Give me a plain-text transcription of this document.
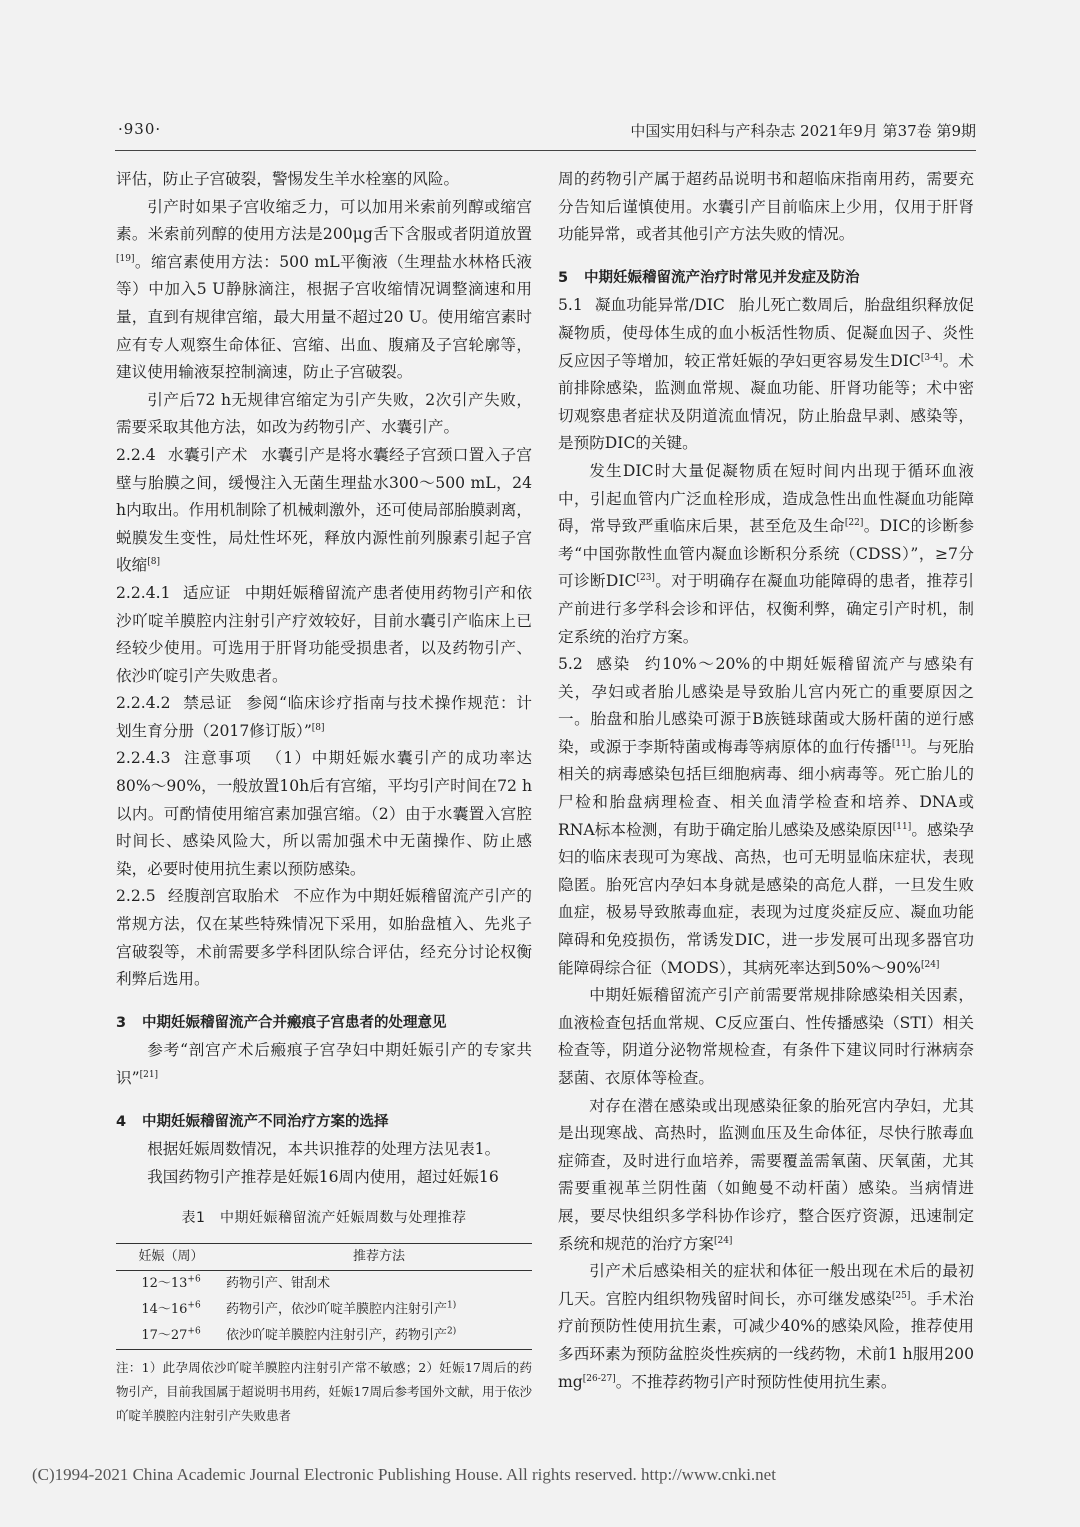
·930·	中国实用妇科与产科杂志 2021年9月 第37卷 第9期

评估，防止子宫破裂，警惕发生羊水栓塞的风险。

引产时如果子宫收缩乏力，可以加用米索前列醇或缩宫素。米索前列醇的使用方法是200μg舌下含服或者阴道放置[19]。缩宫素使用方法：500 mL平衡液（生理盐水林格氏液等）中加入5 U静脉滴注，根据子宫收缩情况调整滴速和用量，直到有规律宫缩，最大用量不超过20 U。使用缩宫素时应有专人观察生命体征、宫缩、出血、腹痛及子宫轮廓等，建议使用输液泵控制滴速，防止子宫破裂。

引产后72 h无规律宫缩定为引产失败，2次引产失败，需要采取其他方法，如改为药物引产、水囊引产。

2.2.4 水囊引产术 水囊引产是将水囊经子宫颈口置入子宫壁与胎膜之间，缓慢注入无菌生理盐水300～500 mL，24 h内取出。作用机制除了机械刺激外，还可使局部胎膜剥离，蜕膜发生变性，局灶性坏死，释放内源性前列腺素引起子宫收缩[8]

2.2.4.1 适应证 中期妊娠稽留流产患者使用药物引产和依沙吖啶羊膜腔内注射引产疗效较好，目前水囊引产临床上已经较少使用。可选用于肝肾功能受损患者，以及药物引产、依沙吖啶引产失败患者。

2.2.4.2 禁忌证 参阅“临床诊疗指南与技术操作规范：计划生育分册（2017修订版）”[8]

2.2.4.3 注意事项 （1）中期妊娠水囊引产的成功率达80%～90%，一般放置10h后有宫缩，平均引产时间在72 h以内。可酌情使用缩宫素加强宫缩。（2）由于水囊置入宫腔时间长、感染风险大，所以需加强术中无菌操作、防止感染，必要时使用抗生素以预防感染。

2.2.5 经腹剖宫取胎术 不应作为中期妊娠稽留流产引产的常规方法，仅在某些特殊情况下采用，如胎盘植入、先兆子宫破裂等，术前需要多学科团队综合评估，经充分讨论权衡利弊后选用。

3 中期妊娠稽留流产合并瘢痕子宫患者的处理意见

参考“剖宫产术后瘢痕子宫孕妇中期妊娠引产的专家共识”[21]

4 中期妊娠稽留流产不同治疗方案的选择

根据妊娠周数情况，本共识推荐的处理方法见表1。

我国药物引产推荐是妊娠16周内使用，超过妊娠16

表1　中期妊娠稽留流产妊娠周数与处理推荐
妊娠（周）	推荐方法
$12\sim 13^{+6}$	药物引产、钳刮术
$14\sim 16^{+6}$	药物引产，依沙吖啶羊膜腔内注射引产$^{1)}$
$17\sim 27^{+6}$	依沙吖啶羊膜腔内注射引产，药物引产$^{2)}$
注：1）此孕周依沙吖啶羊膜腔内注射引产常不敏感；2）妊娠17周后的药物引产，目前我国属于超说明书用药，妊娠17周后参考国外文献，用于依沙吖啶羊膜腔内注射引产失败患者

周的药物引产属于超药品说明书和超临床指南用药，需要充分告知后谨慎使用。水囊引产目前临床上少用，仅用于肝肾功能异常，或者其他引产方法失败的情况。

5 中期妊娠稽留流产治疗时常见并发症及防治

5.1 凝血功能异常/DIC 胎儿死亡数周后，胎盘组织释放促凝物质，使母体生成的血小板活性物质、促凝血因子、炎性反应因子等增加，较正常妊娠的孕妇更容易发生DIC[3-4]。术前排除感染，监测血常规、凝血功能、肝肾功能等；术中密切观察患者症状及阴道流血情况，防止胎盘早剥、感染等，是预防DIC的关键。

发生DIC时大量促凝物质在短时间内出现于循环血液中，引起血管内广泛血栓形成，造成急性出血性凝血功能障碍，常导致严重临床后果，甚至危及生命[22]。DIC的诊断参考“中国弥散性血管内凝血诊断积分系统（CDSS）”，≥7分可诊断DIC[23]。对于明确存在凝血功能障碍的患者，推荐引产前进行多学科会诊和评估，权衡利弊，确定引产时机，制定系统的治疗方案。

5.2 感染 约10%～20%的中期妊娠稽留流产与感染有关，孕妇或者胎儿感染是导致胎儿宫内死亡的重要原因之一。胎盘和胎儿感染可源于B族链球菌或大肠杆菌的逆行感染，或源于李斯特菌或梅毒等病原体的血行传播[11]。与死胎相关的病毒感染包括巨细胞病毒、细小病毒等。死亡胎儿的尸检和胎盘病理检查、相关血清学检查和培养、DNA或RNA标本检测，有助于确定胎儿感染及感染原因[11]。感染孕妇的临床表现可为寒战、高热，也可无明显临床症状，表现隐匿。胎死宫内孕妇本身就是感染的高危人群，一旦发生败血症，极易导致脓毒血症，表现为过度炎症反应、凝血功能障碍和免疫损伤，常诱发DIC，进一步发展可出现多器官功能障碍综合征（MODS），其病死率达到50%～90%[24]

中期妊娠稽留流产引产前需要常规排除感染相关因素，血液检查包括血常规、C反应蛋白、性传播感染（STI）相关检查等，阴道分泌物常规检查，有条件下建议同时行淋病奈瑟菌、衣原体等检查。

对存在潜在感染或出现感染征象的胎死宫内孕妇，尤其是出现寒战、高热时，监测血压及生命体征，尽快行脓毒血症筛查，及时进行血培养，需要覆盖需氧菌、厌氧菌，尤其需要重视革兰阴性菌（如鲍曼不动杆菌）感染。当病情进展，要尽快组织多学科协作诊疗，整合医疗资源，迅速制定系统和规范的治疗方案[24]

引产术后感染相关的症状和体征一般出现在术后的最初几天。宫腔内组织物残留时间长，亦可继发感染[25]。手术治疗前预防性使用抗生素，可减少40%的感染风险，推荐使用多西环素为预防盆腔炎性疾病的一线药物，术前1 h服用200 mg[26-27]。不推荐药物引产时预防性使用抗生素。

(C)1994-2021 China Academic Journal Electronic Publishing House. All rights reserved. http://www.cnki.net
